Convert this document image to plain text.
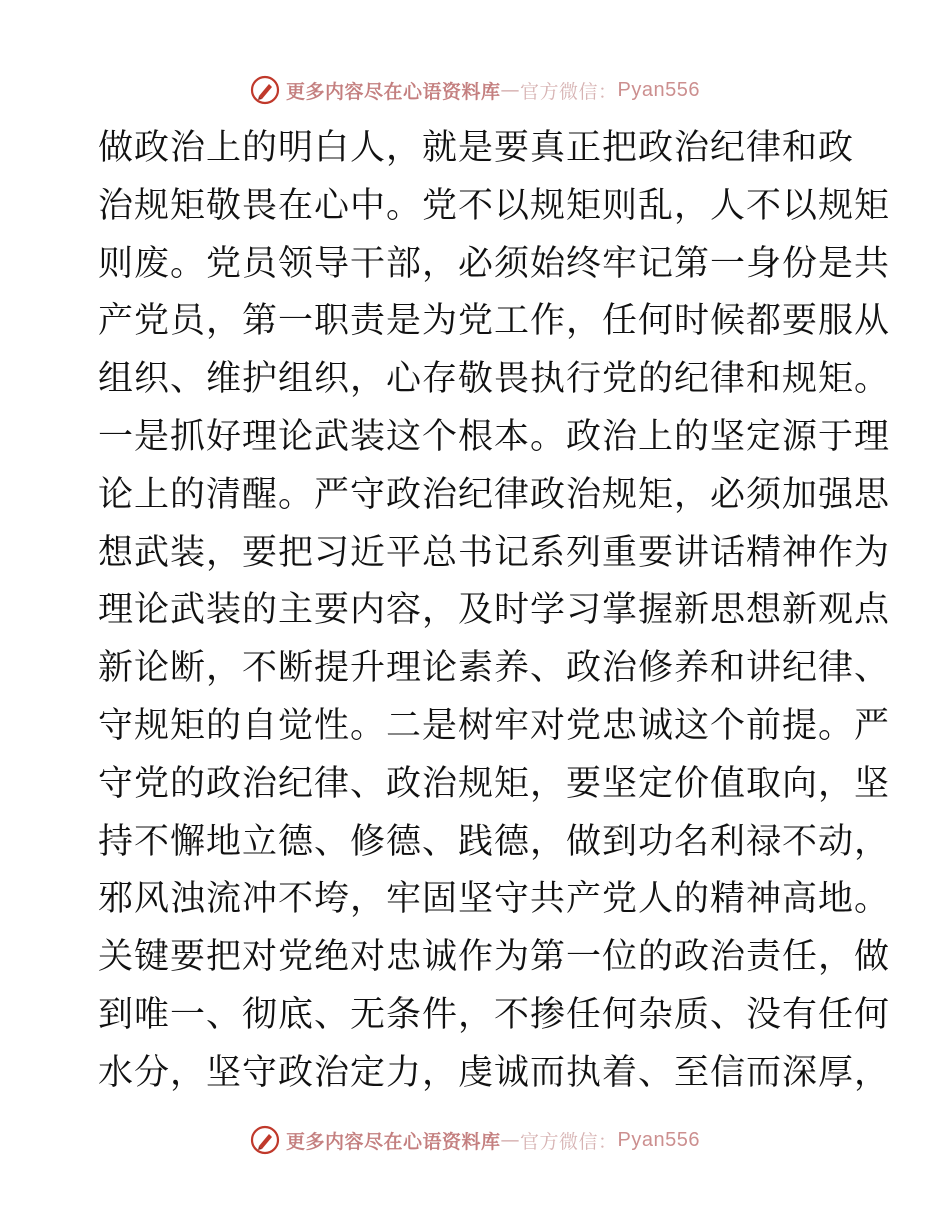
更多内容尽在心语资料库 — 官方微信： Pyan556
做政治上的明白人，就是要真正把政治纪律和政
治规矩敬畏在心中。党不以规矩则乱，人不以规矩
则废。党员领导干部，必须始终牢记第一身份是共
产党员，第一职责是为党工作，任何时候都要服从
组织、维护组织，心存敬畏执行党的纪律和规矩。
一是抓好理论武装这个根本。政治上的坚定源于理
论上的清醒。严守政治纪律政治规矩，必须加强思
想武装，要把习近平总书记系列重要讲话精神作为
理论武装的主要内容，及时学习掌握新思想新观点
新论断，不断提升理论素养、政治修养和讲纪律、
守规矩的自觉性。二是树牢对党忠诚这个前提。严
守党的政治纪律、政治规矩，要坚定价值取向，坚
持不懈地立德、修德、践德，做到功名利禄不动，
邪风浊流冲不垮，牢固坚守共产党人的精神高地。
关键要把对党绝对忠诚作为第一位的政治责任，做
到唯一、彻底、无条件，不掺任何杂质、没有任何
水分，坚守政治定力，虔诚而执着、至信而深厚，
更多内容尽在心语资料库 — 官方微信： Pyan556
